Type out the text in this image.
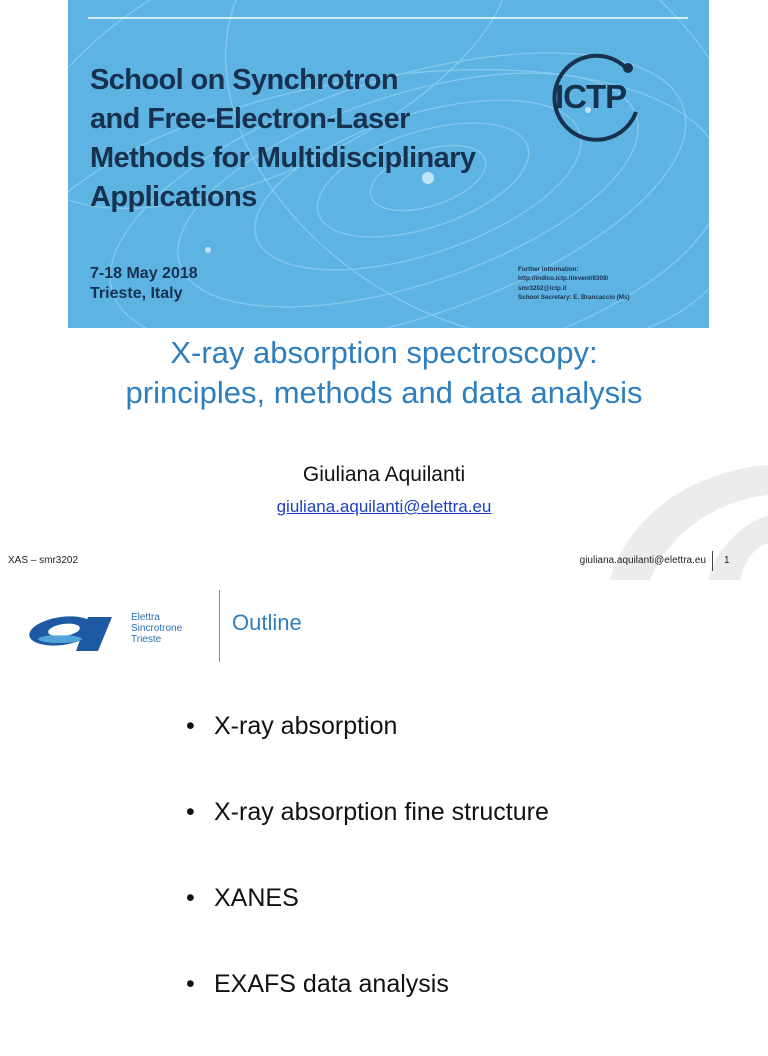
School on Synchrotron
and Free-Electron-Laser
Methods for Multidisciplinary
Applications
ICTP
7-18 May 2018
Trieste, Italy
Further information:
http://indico.ictp.it/event/8308/
smr3202@ictp.it
School Secretary: E. Brancaccio (Ms)
X-ray absorption spectroscopy:
principles, methods and data analysis
Giuliana Aquilanti
giuliana.aquilanti@elettra.eu
XAS – smr3202	giuliana.aquilanti@elettra.eu 1
Elettra
Sincrotrone
Trieste
Outline
• X-ray absorption
• X-ray absorption fine structure
• XANES
• EXAFS data analysis
